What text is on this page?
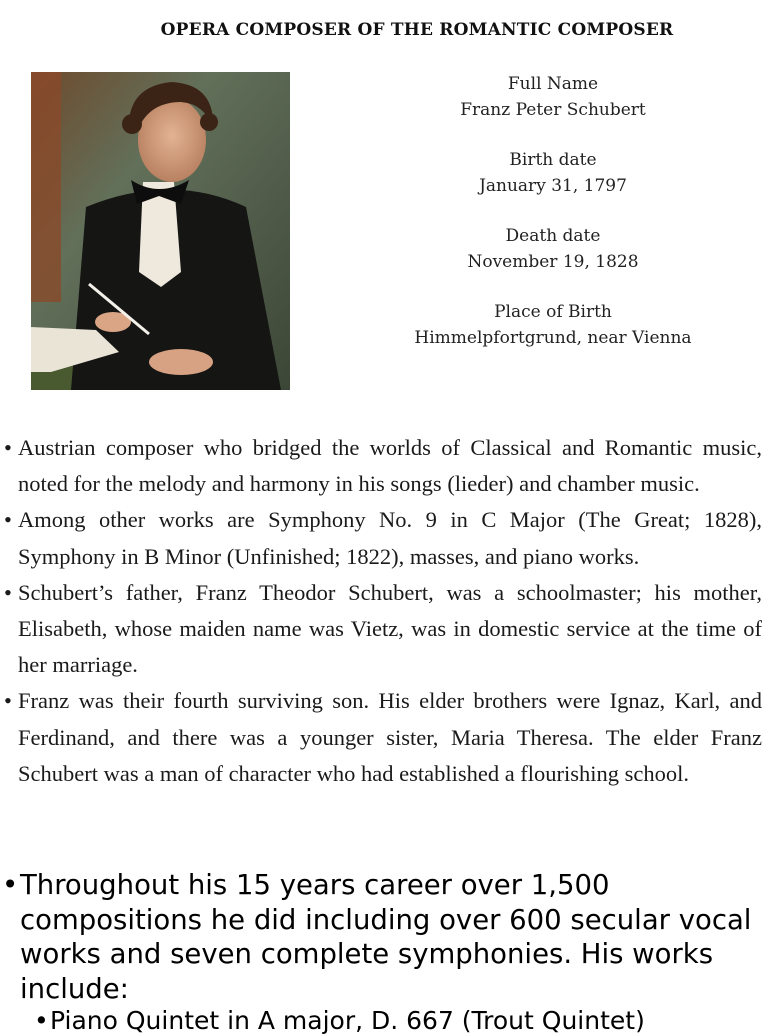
OPERA COMPOSER OF THE ROMANTIC COMPOSER
Full Name
Franz Peter Schubert
Birth date
January 31, 1797
Death date
November 19, 1828
Place of Birth
Himmelpfortgrund, near Vienna

• Austrian composer who bridged the worlds of Classical and Romantic music, noted for the melody and harmony in his songs (lieder) and chamber music.

• Among other works are Symphony No. 9 in C Major (The Great; 1828), Symphony in B Minor (Unfinished; 1822), masses, and piano works.

• Schubert’s father, Franz Theodor Schubert, was a schoolmaster; his mother, Elisabeth, whose maiden name was Vietz, was in domestic service at the time of her marriage.

• Franz was their fourth surviving son. His elder brothers were Ignaz, Karl, and Ferdinand, and there was a younger sister, Maria Theresa. The elder Franz Schubert was a man of character who had established a flourishing school.

• Throughout his 15 years career over 1,500 compositions he did including over 600 secular vocal works and seven complete symphonies. His works include:
• Piano Quintet in A major, D. 667 (Trout Quintet)
